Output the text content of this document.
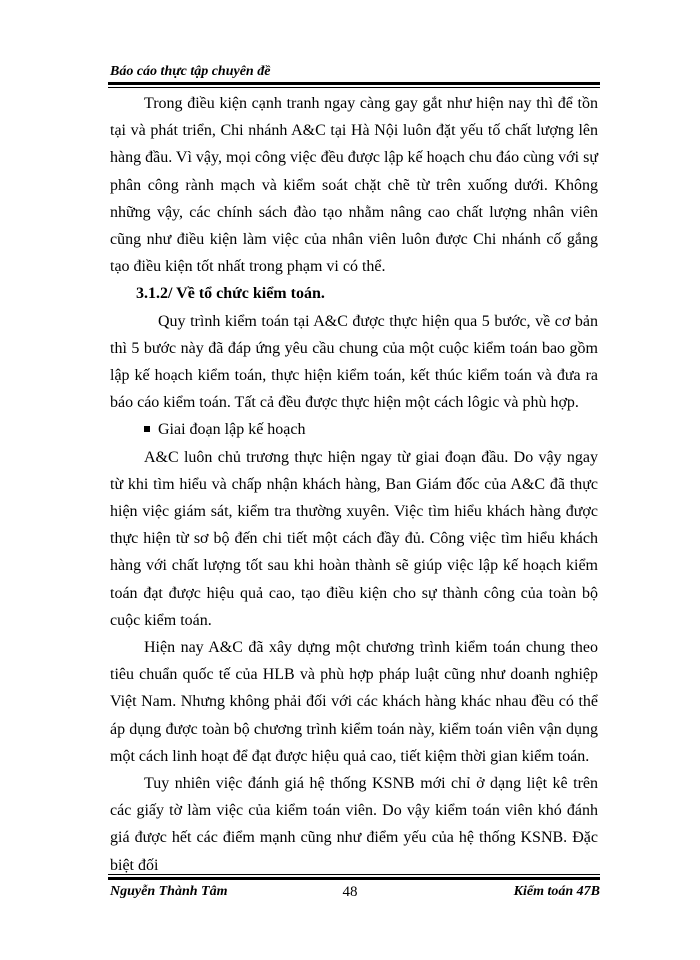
Báo cáo thực tập chuyên đề

Trong điều kiện cạnh tranh ngay càng gay gắt như hiện nay thì để tồn tại và phát triển, Chi nhánh A&C tại Hà Nội luôn đặt yếu tố chất lượng lên hàng đầu. Vì vậy, mọi công việc đều được lập kế hoạch chu đáo cùng với sự phân công rành mạch và kiểm soát chặt chẽ từ trên xuống dưới. Không những vậy, các chính sách đào tạo nhằm nâng cao chất lượng nhân viên cũng như điều kiện làm việc của nhân viên luôn được Chi nhánh cố gắng tạo điều kiện tốt nhất trong phạm vi có thể.

3.1.2/ Về tổ chức kiểm toán.

Quy trình kiểm toán tại A&C được thực hiện qua 5 bước, về cơ bản thì 5 bước này đã đáp ứng yêu cầu chung của một cuộc kiểm toán bao gồm lập kế hoạch kiểm toán, thực hiện kiểm toán, kết thúc kiểm toán và đưa ra báo cáo kiểm toán. Tất cả đều được thực hiện một cách lôgic và phù hợp.

Giai đoạn lập kế hoạch

A&C luôn chủ trương thực hiện ngay từ giai đoạn đầu. Do vậy ngay từ khi tìm hiểu và chấp nhận khách hàng, Ban Giám đốc của A&C đã thực hiện việc giám sát, kiểm tra thường xuyên. Việc tìm hiểu khách hàng được thực hiện từ sơ bộ đến chi tiết một cách đầy đủ. Công việc tìm hiểu khách hàng với chất lượng tốt sau khi hoàn thành sẽ giúp việc lập kế hoạch kiểm toán đạt được hiệu quả cao, tạo điều kiện cho sự thành công của toàn bộ cuộc kiểm toán.

Hiện nay A&C đã xây dựng một chương trình kiểm toán chung theo tiêu chuẩn quốc tế của HLB và phù hợp pháp luật cũng như doanh nghiệp Việt Nam. Nhưng không phải đối với các khách hàng khác nhau đều có thể áp dụng được toàn bộ chương trình kiểm toán này, kiểm toán viên vận dụng một cách linh hoạt để đạt được hiệu quả cao, tiết kiệm thời gian kiểm toán.

Tuy nhiên việc đánh giá hệ thống KSNB mới chỉ ở dạng liệt kê trên các giấy tờ làm việc của kiểm toán viên. Do vậy kiểm toán viên khó đánh giá được hết các điểm mạnh cũng như điểm yếu của hệ thống KSNB. Đặc biệt đối

Nguyễn Thành Tâm	48	Kiểm toán 47B
